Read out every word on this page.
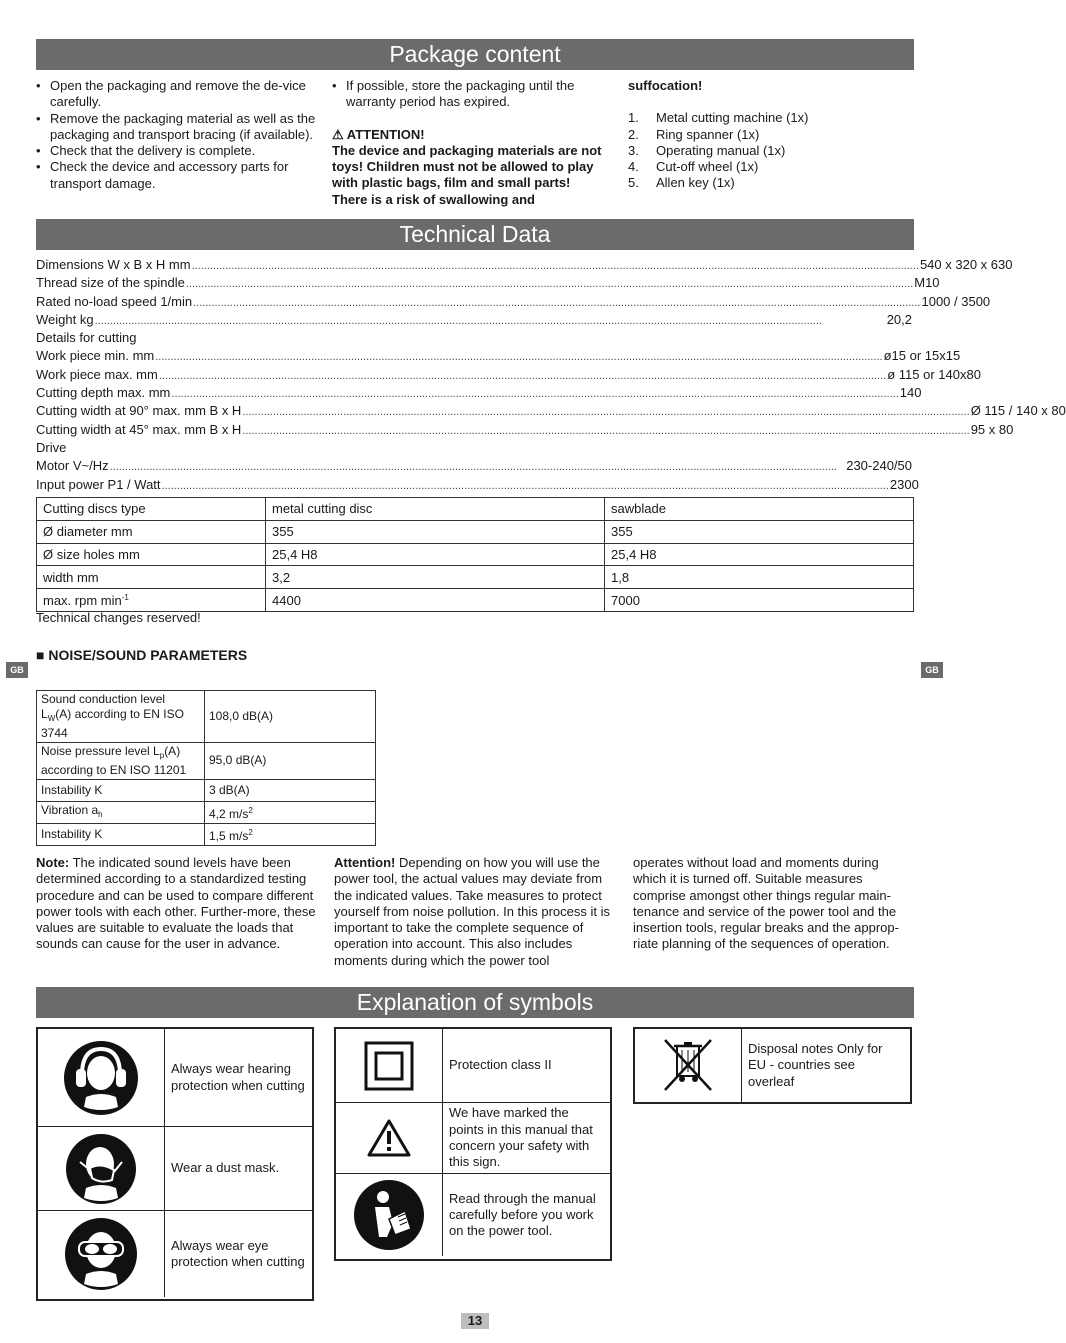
Package content
• Open the packaging and remove the de-vice carefully.
• Remove the packaging material as well as the packaging and transport bracing (if available).
• Check that the delivery is complete.
• Check the device and accessory parts for transport damage.
• If possible, store the packaging until the warranty period has expired.
⚠ ATTENTION!
The device and packaging materials are not toys! Children must not be allowed to play with plastic bags, film and small parts! There is a risk of swallowing and
suffocation!
1.	Metal cutting machine (1x)
2.	Ring spanner (1x)
3.	Operating manual (1x)
4.	Cut-off wheel (1x)
5.	Allen key (1x)
Technical Data
Dimensions W x B x H mm .............................................................................................................................................................................................................................................. 540 x 320 x 630
Thread size of the spindle .............................................................................................................................................................................................................................................. M10
Rated no-load speed 1/min .............................................................................................................................................................................................................................................. 1000 / 3500
Weight kg ..............................................................................................................................................................................................................................................	20,2
Details for cutting
Work piece min. mm .............................................................................................................................................................................................................................................. ø15 or 15x15
Work piece max. mm .............................................................................................................................................................................................................................................. ø 115 or 140x80
Cutting depth max. mm .............................................................................................................................................................................................................................................. 140
Cutting width at 90° max. mm B x H .............................................................................................................................................................................................................................................. Ø 115 / 140 x 80
Cutting width at 45° max. mm B x H .............................................................................................................................................................................................................................................. 95 x 80
Drive
Motor V~/Hz .............................................................................................................................................................................................................................................. 230-240/50
Input power P1 / Watt .............................................................................................................................................................................................................................................. 2300
Cutting discs type	metal cutting disc	sawblade
Ø diameter mm	355	355
Ø size holes mm	25,4 H8	25,4 H8
width mm	3,2	1,8
max. rpm $\min^{-1}$	4400	7000
Technical changes reserved!
■ NOISE/SOUND PARAMETERS
GB	GB
Sound conduction level
$L_W(A)$ according to EN ISO 3744	108,0 dB(A)
Noise pressure level $L_p(A)$ according to EN ISO 11201	95,0 dB(A)
Instability K	3 dB(A)
Vibration $a_h$	4,2 $m/s^2$
Instability K	1,5 $m/s^2$
Note: The indicated sound levels have been determined according to a standardized testing procedure and can be used to compare different power tools with each other. Further-more, these values are suitable to evaluate the loads that sounds can cause for the user in advance.
Attention! Depending on how you will use the power tool, the actual values may deviate from the indicated values. Take measures to protect yourself from noise pollution. In this process it is important to take the complete sequence of operation into account. This also includes moments during which the power tool
operates without load and moments during which it is turned off. Suitable measures comprise amongst other things regular main-tenance and service of the power tool and the insertion tools, regular breaks and the approp-riate planning of the sequences of operation.
Explanation of symbols
Always wear hearing protection when cutting
Wear a dust mask.
Always wear eye protection when cutting
Protection class II
We have marked the points in this manual that concern your safety with this sign.
Read through the manual carefully before you work on the power tool.
Disposal notes Only for EU - countries see overleaf
13
